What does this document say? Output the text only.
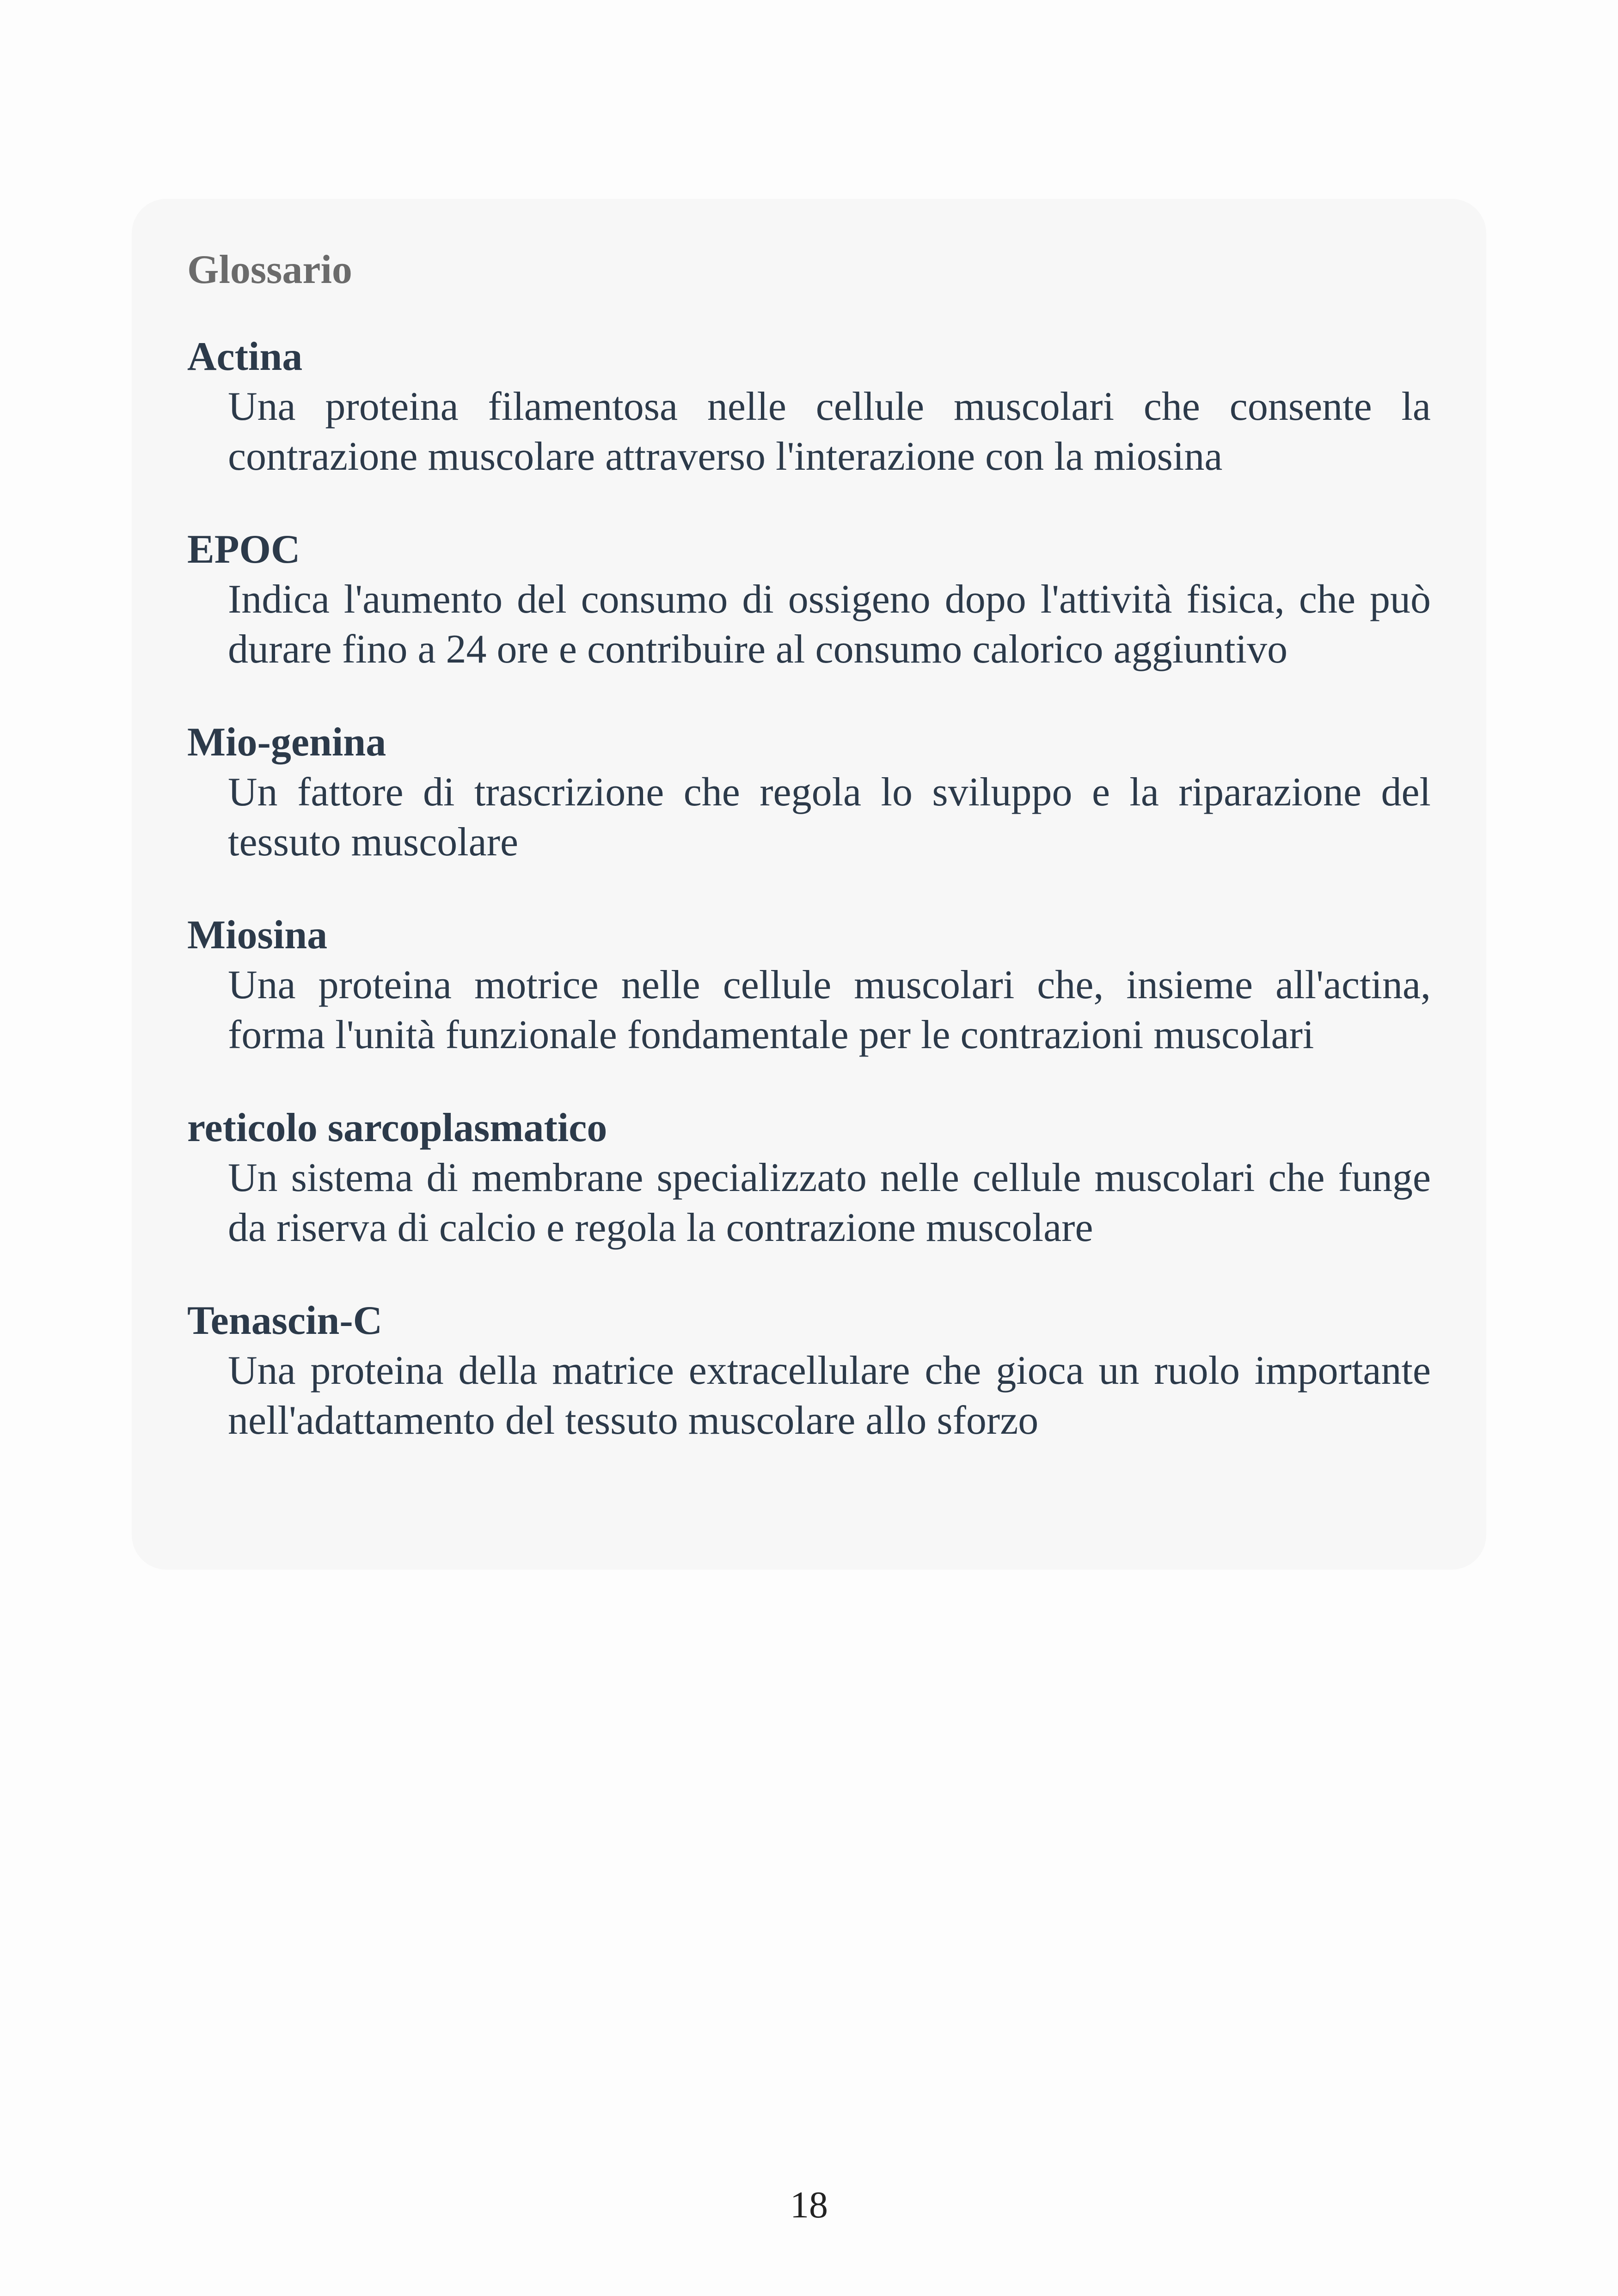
Glossario

Actina

Una proteina filamentosa nelle cellule muscolari che consente la contrazione muscolare attraverso l'interazione con la miosina

EPOC

Indica l'aumento del consumo di ossigeno dopo l'attività fisica, che può durare fino a 24 ore e contribuire al consumo calorico aggiuntivo

Mio-genina

Un fattore di trascrizione che regola lo sviluppo e la riparazione del tessuto muscolare

Miosina

Una proteina motrice nelle cellule muscolari che, insieme all'actina, forma l'unità funzionale fondamentale per le contrazioni muscolari

reticolo sarcoplasmatico

Un sistema di membrane specializzato nelle cellule muscolari che funge da riserva di calcio e regola la contrazione muscolare

Tenascin-C

Una proteina della matrice extracellulare che gioca un ruolo importante nell'adattamento del tessuto muscolare allo sforzo

18
